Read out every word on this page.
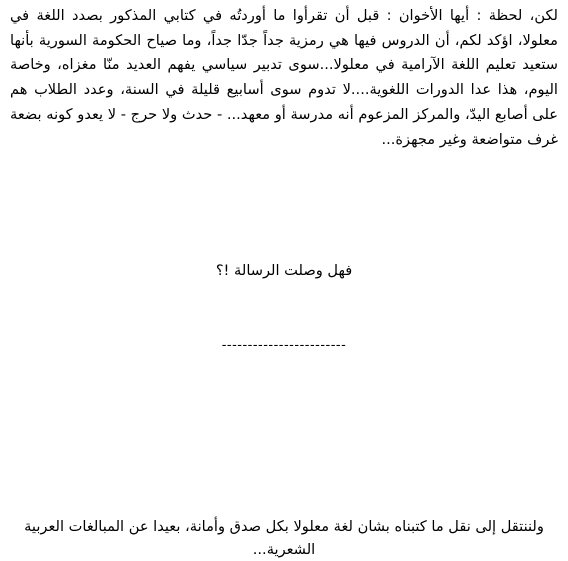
لكن، لحظة : أيها الأخوان : قبل أن تقرأوا ما أوردتُه في كتابي المذكور بصدد اللغة في معلولا، اؤكد لكم، أن الدروس فيها هي رمزية جداً جدّا جداً، وما صياح الحكومة السورية بأنها ستعيد تعليم اللغة الآرامية في معلولا...سوى تدبير سياسي يفهم العديد منّا مغزاه، وخاصة اليوم، هذا عدا الدورات اللغوية....لا تدوم سوى أسابيع قليلة في السنة، وعدد الطلاب هم على أصابع اليدّ، والمركز المزعوم أنه مدرسة أو معهد... - حدث ولا حرج - لا يعدو كونه بضعة غرف متواضعة وغير مجهزة...

فهل وصلت الرسالة !؟

------------------------

ولننتقل إلى نقل ما كتبناه بشان لغة معلولا بكل صدق وأمانة، بعيدا عن المبالغات العربية الشعرية...
